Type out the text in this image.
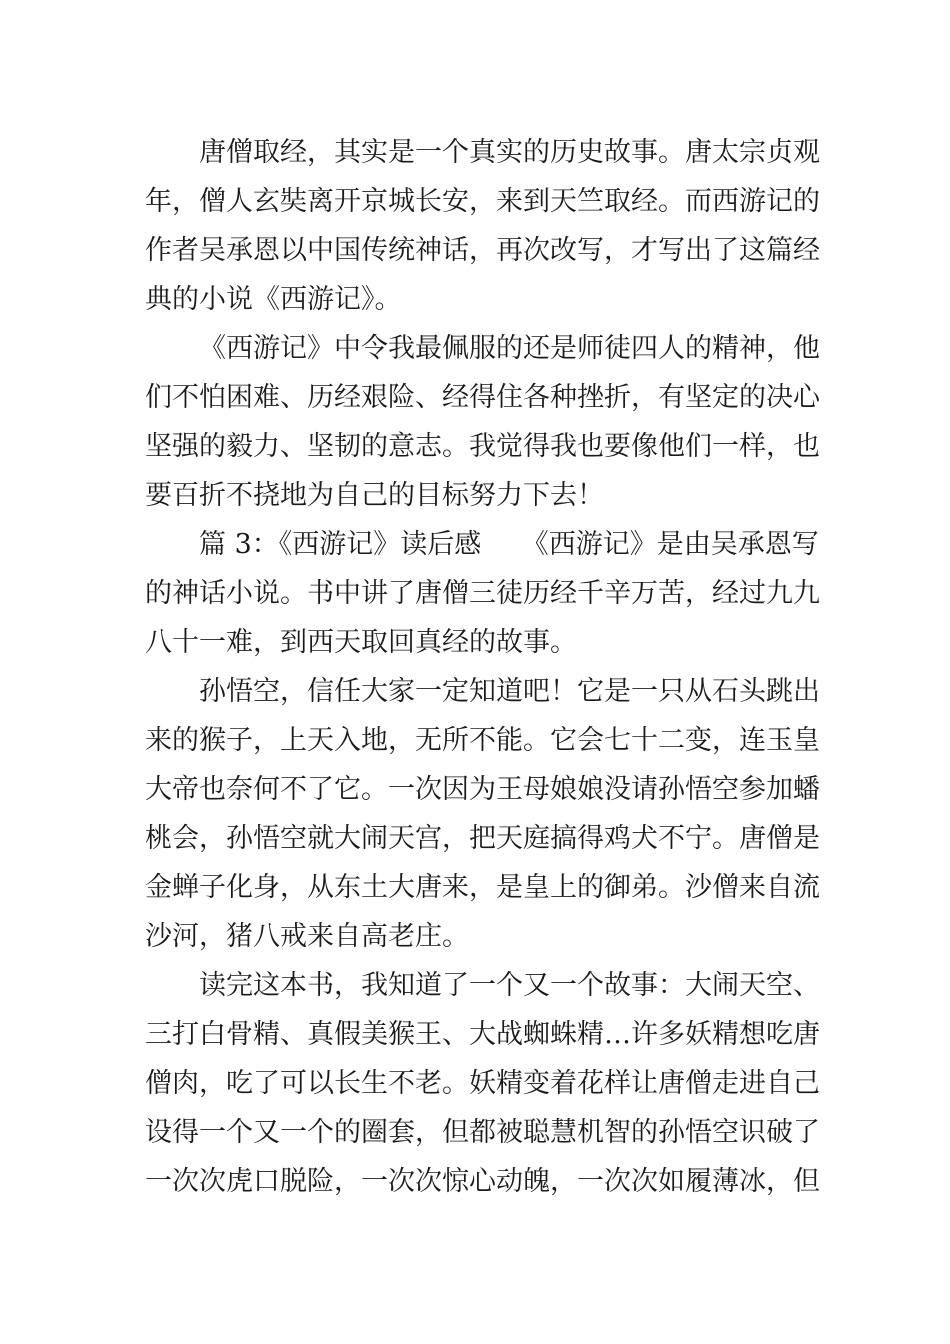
唐僧取经，其实是一个真实的历史故事。唐太宗贞观
年，僧人玄奘离开京城长安，来到天竺取经。而西游记的
作者吴承恩以中国传统神话，再次改写，才写出了这篇经
典的小说《西游记》。
《西游记》中令我最佩服的还是师徒四人的精神，他
们不怕困难、历经艰险、经得住各种挫折，有坚定的决心
坚强的毅力、坚韧的意志。我觉得我也要像他们一样，也
要百折不挠地为自己的目标努力下去！
篇 3：《西游记》读后感　　《西游记》是由吴承恩写
的神话小说。书中讲了唐僧三徒历经千辛万苦，经过九九
八十一难，到西天取回真经的故事。
孙悟空，信任大家一定知道吧！它是一只从石头跳出
来的猴子，上天入地，无所不能。它会七十二变，连玉皇
大帝也奈何不了它。一次因为王母娘娘没请孙悟空参加蟠
桃会，孙悟空就大闹天宫，把天庭搞得鸡犬不宁。唐僧是
金蝉子化身，从东土大唐来，是皇上的御弟。沙僧来自流
沙河，猪八戒来自高老庄。
读完这本书，我知道了一个又一个故事：大闹天空、
三打白骨精、真假美猴王、大战蜘蛛精…许多妖精想吃唐
僧肉，吃了可以长生不老。妖精变着花样让唐僧走进自己
设得一个又一个的圈套，但都被聪慧机智的孙悟空识破了
一次次虎口脱险，一次次惊心动魄，一次次如履薄冰，但
